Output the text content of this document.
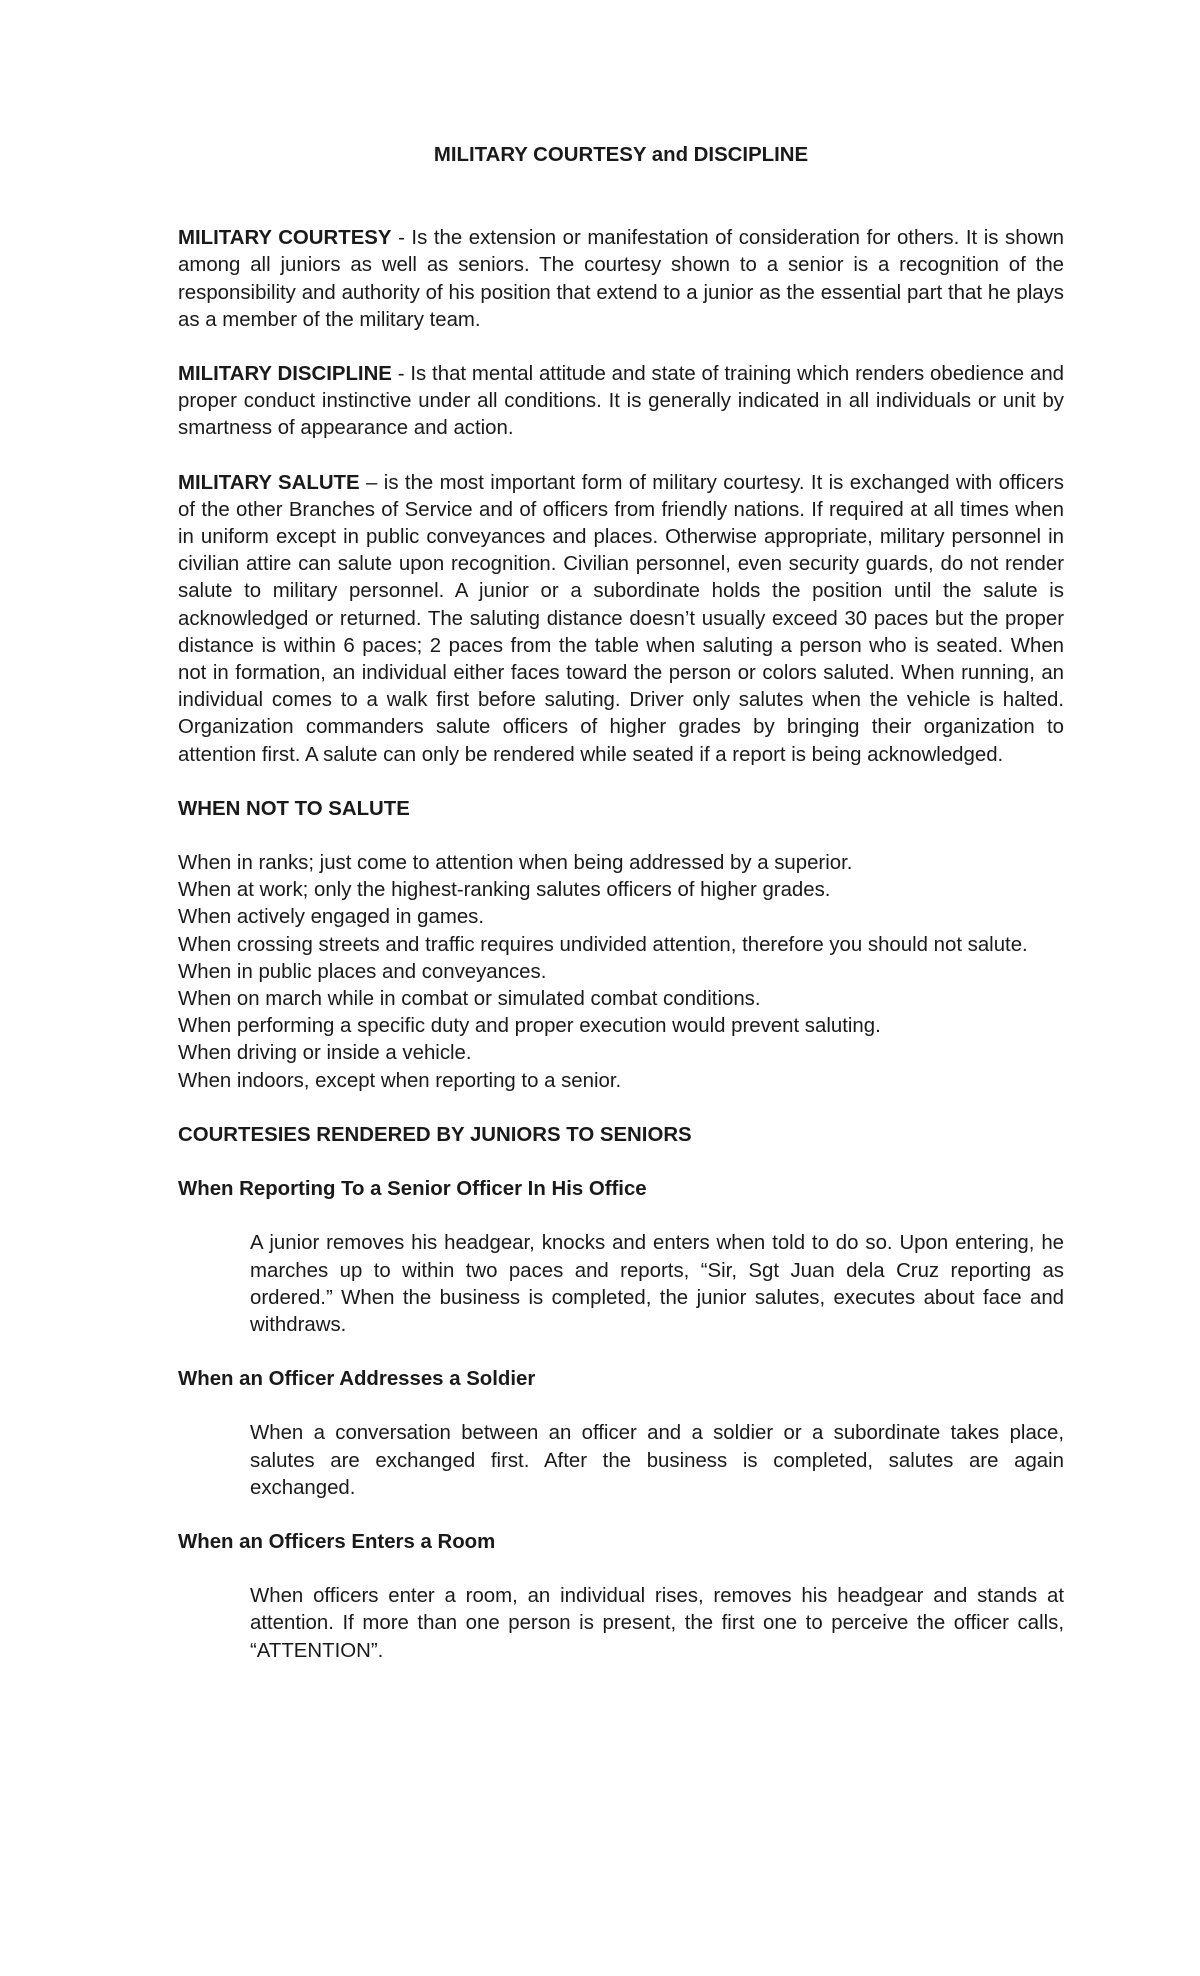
MILITARY COURTESY and DISCIPLINE

MILITARY COURTESY - Is the extension or manifestation of consideration for others. It is shown among all juniors as well as seniors. The courtesy shown to a senior is a recognition of the responsibility and authority of his position that extend to a junior as the essential part that he plays as a member of the military team.

MILITARY DISCIPLINE - Is that mental attitude and state of training which renders obedience and proper conduct instinctive under all conditions. It is generally indicated in all individuals or unit by smartness of appearance and action.

MILITARY SALUTE – is the most important form of military courtesy. It is exchanged with officers of the other Branches of Service and of officers from friendly nations. If required at all times when in uniform except in public conveyances and places. Otherwise appropriate, military personnel in civilian attire can salute upon recognition. Civilian personnel, even security guards, do not render salute to military personnel. A junior or a subordinate holds the position until the salute is acknowledged or returned. The saluting distance doesn’t usually exceed 30 paces but the proper distance is within 6 paces; 2 paces from the table when saluting a person who is seated. When not in formation, an individual either faces toward the person or colors saluted. When running, an individual comes to a walk first before saluting. Driver only salutes when the vehicle is halted. Organization commanders salute officers of higher grades by bringing their organization to attention first. A salute can only be rendered while seated if a report is being acknowledged.

WHEN NOT TO SALUTE
When in ranks; just come to attention when being addressed by a superior.
When at work; only the highest-ranking salutes officers of higher grades.
When actively engaged in games.
When crossing streets and traffic requires undivided attention, therefore you should not salute.
When in public places and conveyances.
When on march while in combat or simulated combat conditions.
When performing a specific duty and proper execution would prevent saluting.
When driving or inside a vehicle.
When indoors, except when reporting to a senior.
COURTESIES RENDERED BY JUNIORS TO SENIORS
When Reporting To a Senior Officer In His Office

A junior removes his headgear, knocks and enters when told to do so. Upon entering, he marches up to within two paces and reports, “Sir, Sgt Juan dela Cruz reporting as ordered.” When the business is completed, the junior salutes, executes about face and withdraws.

When an Officer Addresses a Soldier

When a conversation between an officer and a soldier or a subordinate takes place, salutes are exchanged first. After the business is completed, salutes are again exchanged.

When an Officers Enters a Room

When officers enter a room, an individual rises, removes his headgear and stands at attention. If more than one person is present, the first one to perceive the officer calls, “ATTENTION”.
